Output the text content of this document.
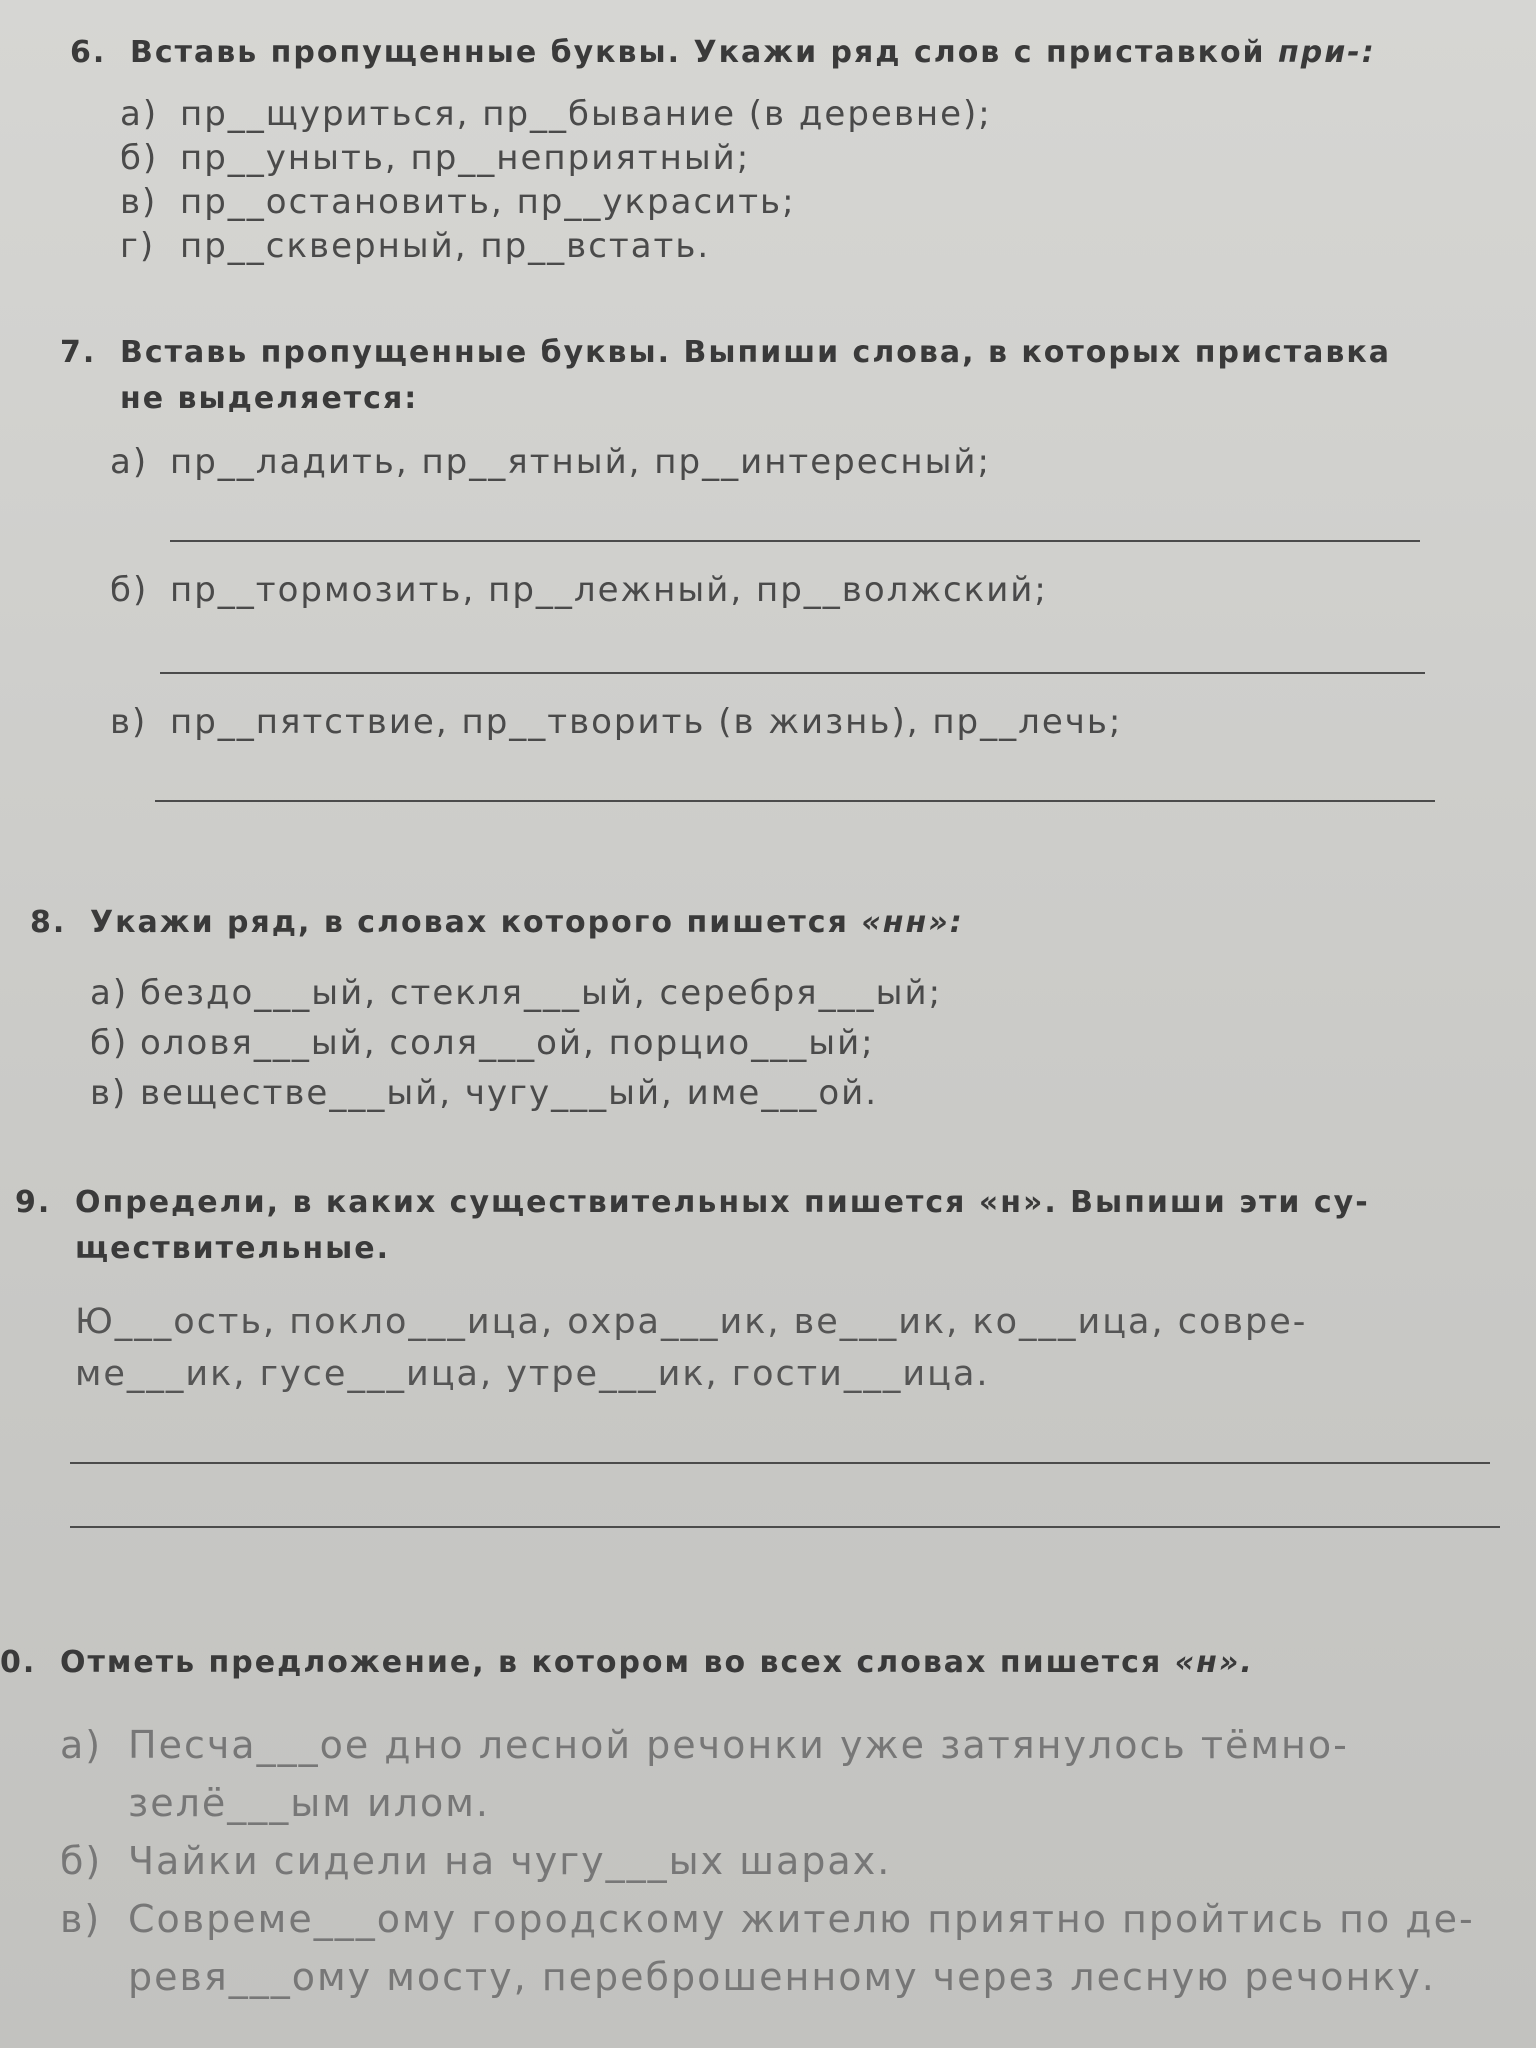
6. Вставь пропущенные буквы. Укажи ряд слов с приставкой при-:
а) пр__щуриться, пр__бывание (в деревне);
б) пр__уныть, пр__неприятный;
в) пр__остановить, пр__украсить;
г) пр__скверный, пр__встать.
7. Вставь пропущенные буквы. Выпиши слова, в которых приставка
не выделяется:
а) пр__ладить, пр__ятный, пр__интересный;
б) пр__тормозить, пр__лежный, пр__волжский;
в) пр__пятствие, пр__творить (в жизнь), пр__лечь;
8. Укажи ряд, в словах которого пишется «нн»:
а) бездо___ый, стекля___ый, серебря___ый;
б) оловя___ый, соля___ой, порцио___ый;
в) веществе___ый, чугу___ый, име___ой.
9. Определи, в каких существительных пишется «н». Выпиши эти су-
ществительные.
Ю___ость, покло___ица, охра___ик, ве___ик, ко___ица, совре-
ме___ик, гусе___ица, утре___ик, гости___ица.
0. Отметь предложение, в котором во всех словах пишется «н».
а) Песча___ое дно лесной речонки уже затянулось тёмно-
зелё___ым илом.
б) Чайки сидели на чугу___ых шарах.
в) Совреме___ому городскому жителю приятно пройтись по де-
ревя___ому мосту, переброшенному через лесную речонку.
